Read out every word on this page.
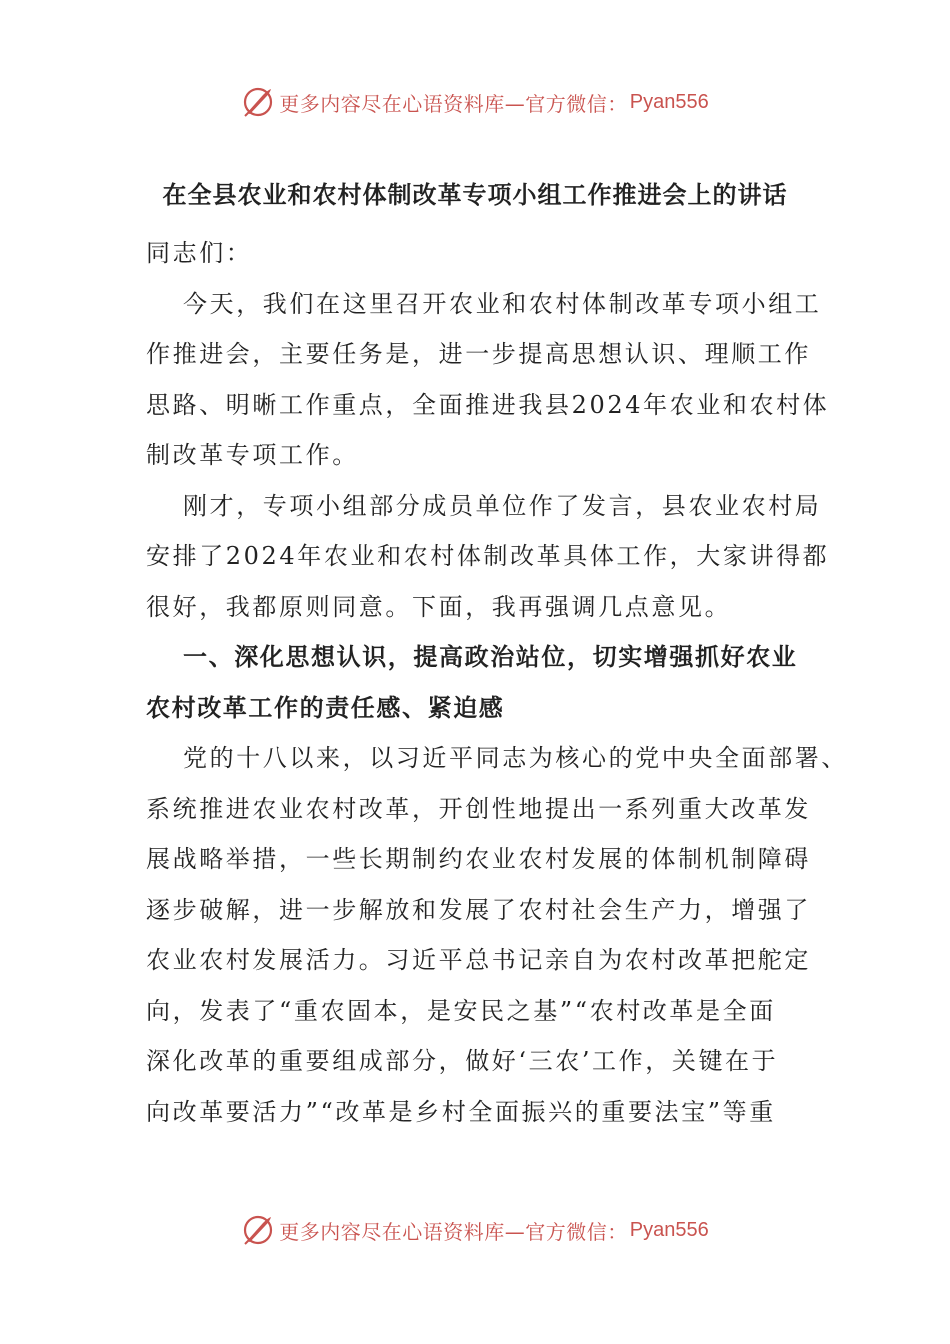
更多内容尽在心语资料库—官方微信： Pyan556
在全县农业和农村体制改革专项小组工作推进会上的讲话
同志们：

今天，我们在这里召开农业和农村体制改革专项小组工
作推进会，主要任务是，进一步提高思想认识、理顺工作
思路、明晰工作重点，全面推进我县2024年农业和农村体
制改革专项工作。

刚才，专项小组部分成员单位作了发言，县农业农村局
安排了2024年农业和农村体制改革具体工作，大家讲得都
很好，我都原则同意。下面，我再强调几点意见。

一、深化思想认识，提高政治站位，切实增强抓好农业
农村改革工作的责任感、紧迫感

党的十八以来，以习近平同志为核心的党中央全面部署、
系统推进农业农村改革，开创性地提出一系列重大改革发
展战略举措，一些长期制约农业农村发展的体制机制障碍
逐步破解，进一步解放和发展了农村社会生产力，增强了
农业农村发展活力。习近平总书记亲自为农村改革把舵定
向，发表了“重农固本，是安民之基”“农村改革是全面
深化改革的重要组成部分，做好‘三农’工作，关键在于
向改革要活力”“改革是乡村全面振兴的重要法宝”等重

更多内容尽在心语资料库—官方微信： Pyan556
